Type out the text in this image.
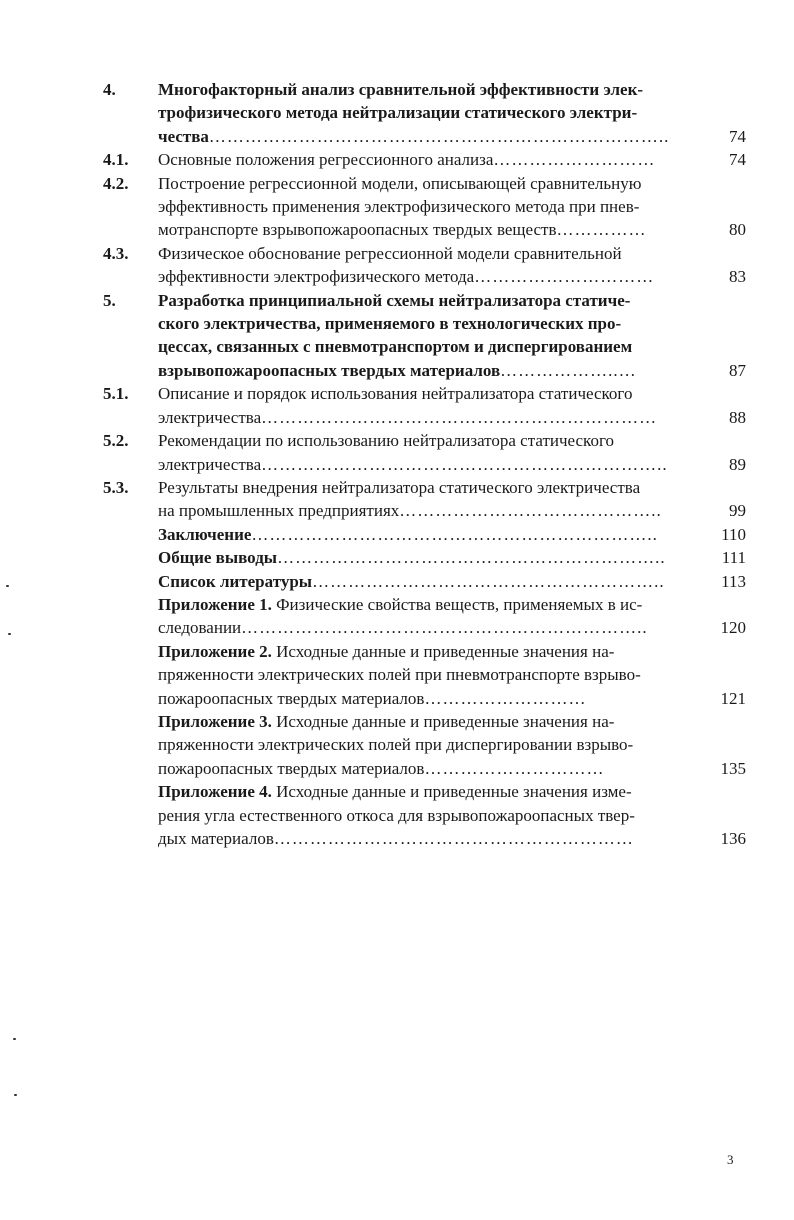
4.	Многофакторный анализ сравнительной эффективности элек-
трофизического метода нейтрализации статического электри-
чества…………………………………………………………………..	74
4.1.	Основные положения регрессионного анализа………………………	74
4.2.	Построение регрессионной модели, описывающей сравнительную
эффективность применения электрофизического метода при пнев-
мотранспорте взрывопожароопасных твердых веществ……………	80
4.3.	Физическое обоснование регрессионной модели сравнительной
эффективности электрофизического метода…………………………	83
5.	Разработка принципиальной схемы нейтрализатора статиче-
ского электричества, применяемого в технологических про-
цессах, связанных с пневмотранспортом и диспергированием
взрывопожароопасных твердых материалов………………..…	87
5.1.	Описание и порядок использования нейтрализатора статического
электричества…………………………………………………………	88
5.2.	Рекомендации по использованию нейтрализатора статического
электричества…………………………………………………………..	89
5.3.	Результаты внедрения нейтрализатора статического электричества
на промышленных предприятиях……………………………………..	99
Заключение…………………………………………………………..	110
Общие выводы………………………………………………………..	111
Список литературы…………………………………………………..	113
Приложение 1. Физические свойства веществ, применяемых в ис-
следовании…………………………………………………………..	120
Приложение 2. Исходные данные и приведенные значения на-
пряженности электрических полей при пневмотранспорте взрыво-
пожароопасных твердых материалов………………………	121
Приложение 3. Исходные данные и приведенные значения на-
пряженности электрических полей при диспергировании взрыво-
пожароопасных твердых материалов…………………………	135
Приложение 4. Исходные данные и приведенные значения изме-
рения угла естественного откоса для взрывопожароопасных твер-
дых материалов……………………………………………………	136
3
